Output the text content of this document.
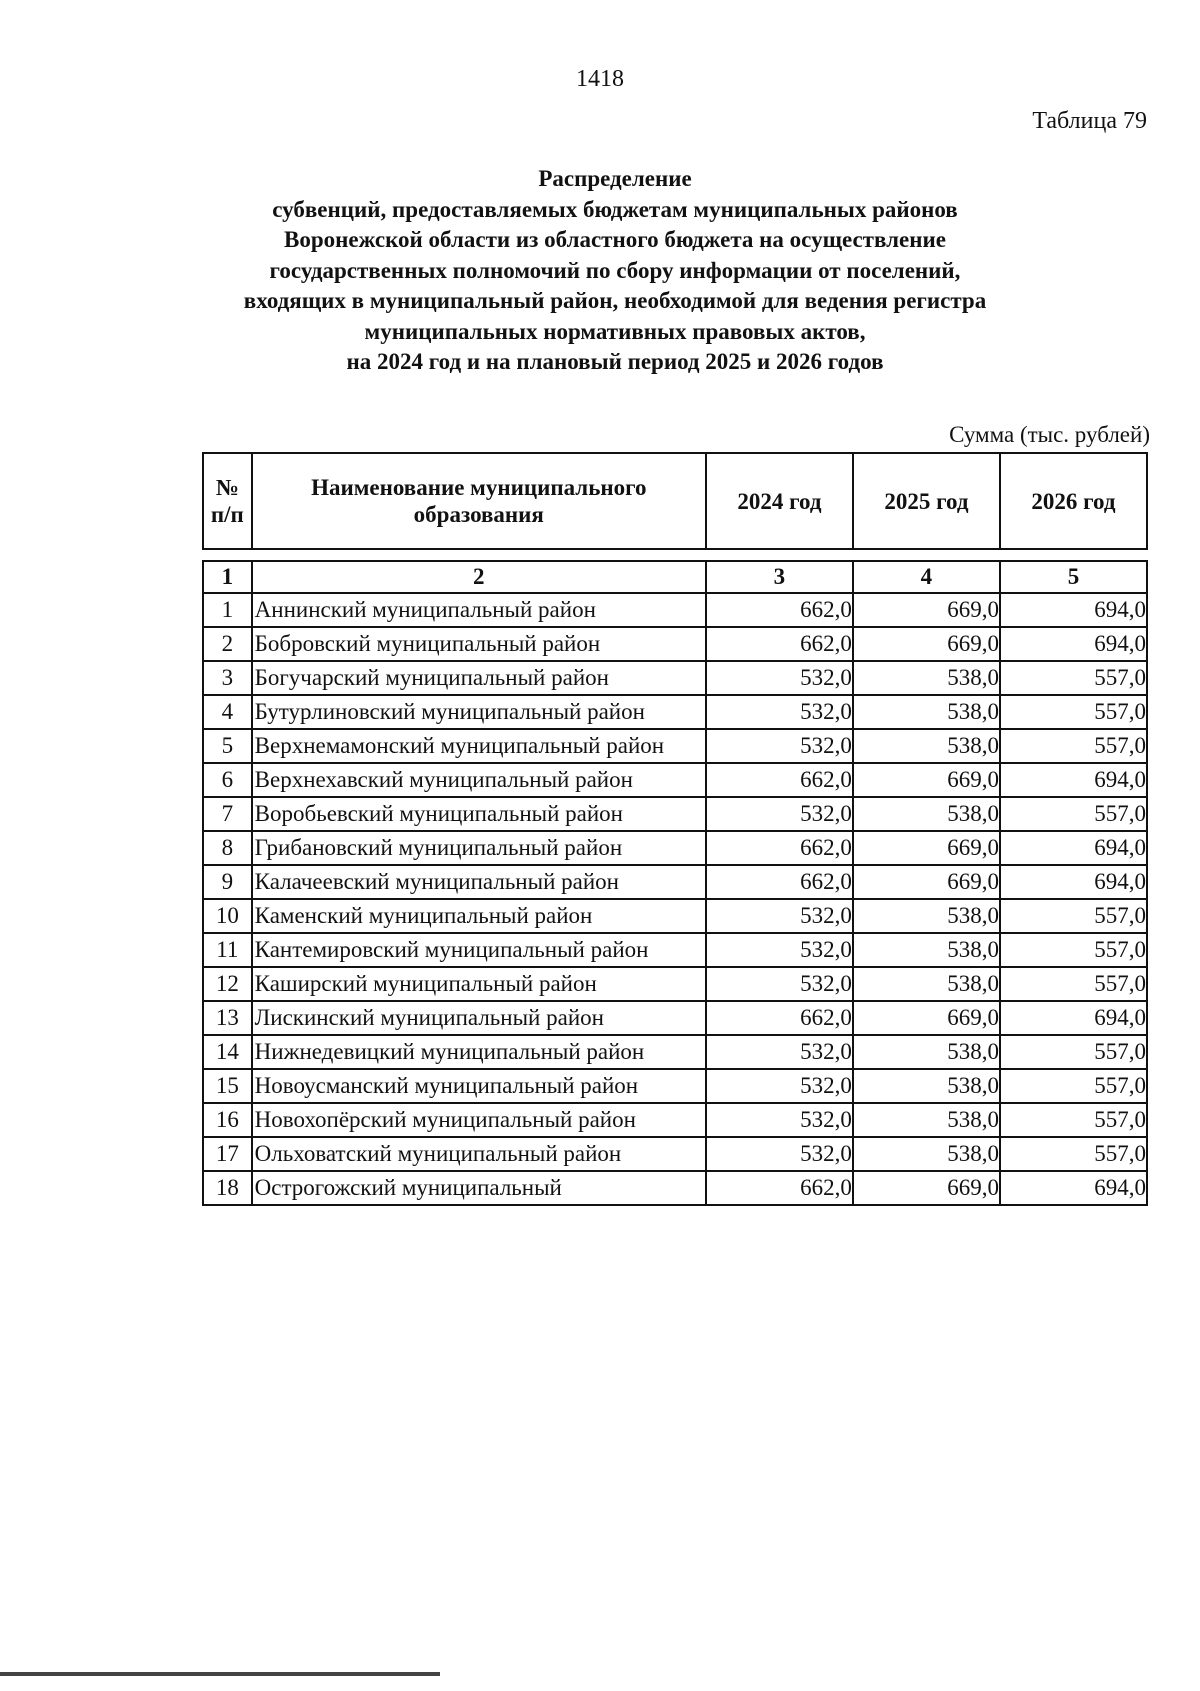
1418
Таблица 79
Распределение
субвенций, предоставляемых бюджетам муниципальных районов
Воронежской области из областного бюджета на осуществление
государственных полномочий по сбору информации от поселений,
входящих в муниципальный район, необходимой для ведения регистра
муниципальных нормативных правовых актов,
на 2024 год и на плановый период 2025 и 2026 годов
Сумма (тыс. рублей)
№ п/п	Наименование муниципального образования	2024 год	2025 год	2026 год
1	2	3	4	5
1	Аннинский муниципальный район	662,0	669,0	694,0
2	Бобровский муниципальный район	662,0	669,0	694,0
3	Богучарский муниципальный район	532,0	538,0	557,0
4	Бутурлиновский муниципальный район	532,0	538,0	557,0
5	Верхнемамонский муниципальный район	532,0	538,0	557,0
6	Верхнехавский муниципальный район	662,0	669,0	694,0
7	Воробьевский муниципальный район	532,0	538,0	557,0
8	Грибановский муниципальный район	662,0	669,0	694,0
9	Калачеевский муниципальный район	662,0	669,0	694,0
10	Каменский муниципальный район	532,0	538,0	557,0
11	Кантемировский муниципальный район	532,0	538,0	557,0
12	Каширский муниципальный район	532,0	538,0	557,0
13	Лискинский муниципальный район	662,0	669,0	694,0
14	Нижнедевицкий муниципальный район	532,0	538,0	557,0
15	Новоусманский муниципальный район	532,0	538,0	557,0
16	Новохопёрский муниципальный район	532,0	538,0	557,0
17	Ольховатский муниципальный район	532,0	538,0	557,0
18	Острогожский муниципальный	662,0	669,0	694,0
